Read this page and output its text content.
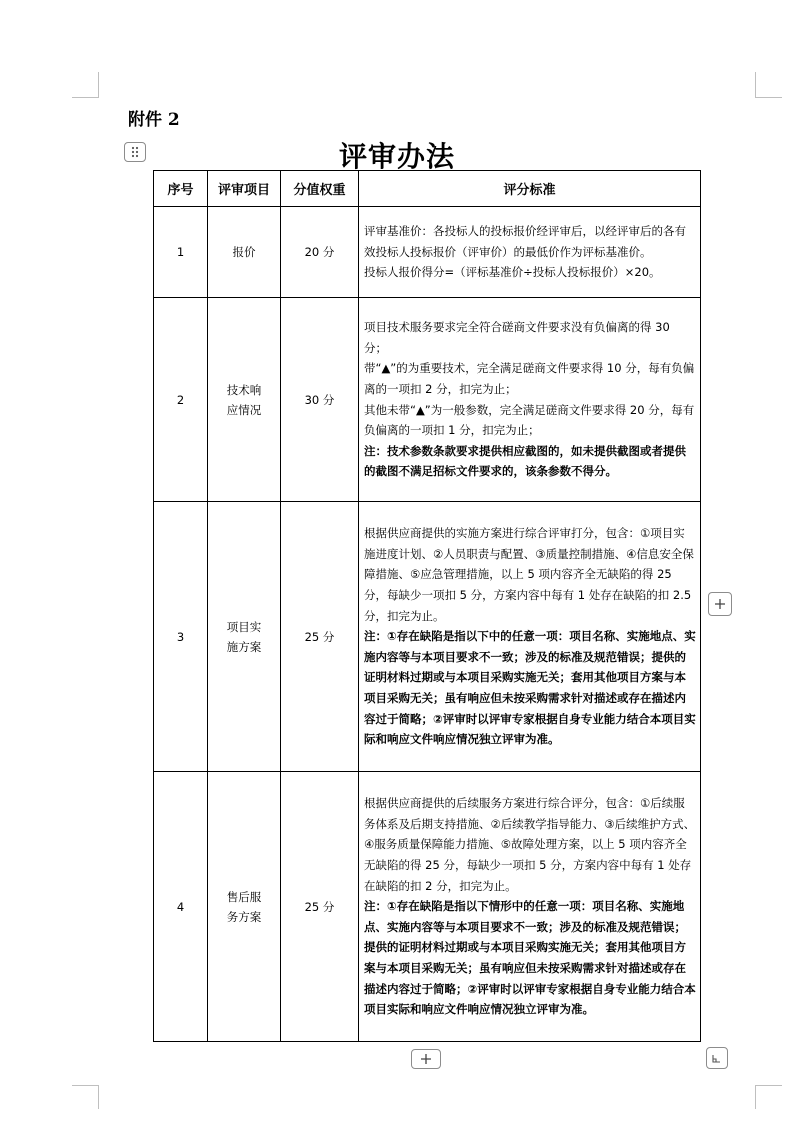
附件 2
评审办法
序号	评审项目	分值权重	评分标准
1	报价	20 分	评审基准价：各投标人的投标报价经评审后，以经评审后的各有效投标人投标报价（评审价）的最低价作为评标基准价。
投标人报价得分=（评标基准价÷投标人投标报价）×20。

2	技术响应情况	30 分	项目技术服务要求完全符合磋商文件要求没有负偏离的得 30 分；
带“▲”的为重要技术，完全满足磋商文件要求得 10 分，每有负偏离的一项扣 2 分，扣完为止；
其他未带“▲”为一般参数，完全满足磋商文件要求得 20 分，每有负偏离的一项扣 1 分，扣完为止；
注：技术参数条款要求提供相应截图的，如未提供截图或者提供的截图不满足招标文件要求的，该条参数不得分。

3	项目实施方案	25 分	根据供应商提供的实施方案进行综合评审打分，包含：①项目实施进度计划、②人员职责与配置、③质量控制措施、④信息安全保障措施、⑤应急管理措施，以上 5 项内容齐全无缺陷的得 25 分，每缺少一项扣 5 分，方案内容中每有 1 处存在缺陷的扣 2.5 分，扣完为止。
注：①存在缺陷是指以下中的任意一项：项目名称、实施地点、实施内容等与本项目要求不一致；涉及的标准及规范错误；提供的证明材料过期或与本项目采购实施无关；套用其他项目方案与本项目采购无关；虽有响应但未按采购需求针对描述或存在描述内容过于简略；②评审时以评审专家根据自身专业能力结合本项目实际和响应文件响应情况独立评审为准。

4	售后服务方案	25 分	根据供应商提供的后续服务方案进行综合评分，包含：①后续服务体系及后期支持措施、②后续教学指导能力、③后续维护方式、④服务质量保障能力措施、⑤故障处理方案，以上 5 项内容齐全无缺陷的得 25 分，每缺少一项扣 5 分，方案内容中每有 1 处存在缺陷的扣 2 分，扣完为止。
注：①存在缺陷是指以下情形中的任意一项：项目名称、实施地点、实施内容等与本项目要求不一致；涉及的标准及规范错误；提供的证明材料过期或与本项目采购实施无关；套用其他项目方案与本项目采购无关；虽有响应但未按采购需求针对描述或存在描述内容过于简略；②评审时以评审专家根据自身专业能力结合本项目实际和响应文件响应情况独立评审为准。
